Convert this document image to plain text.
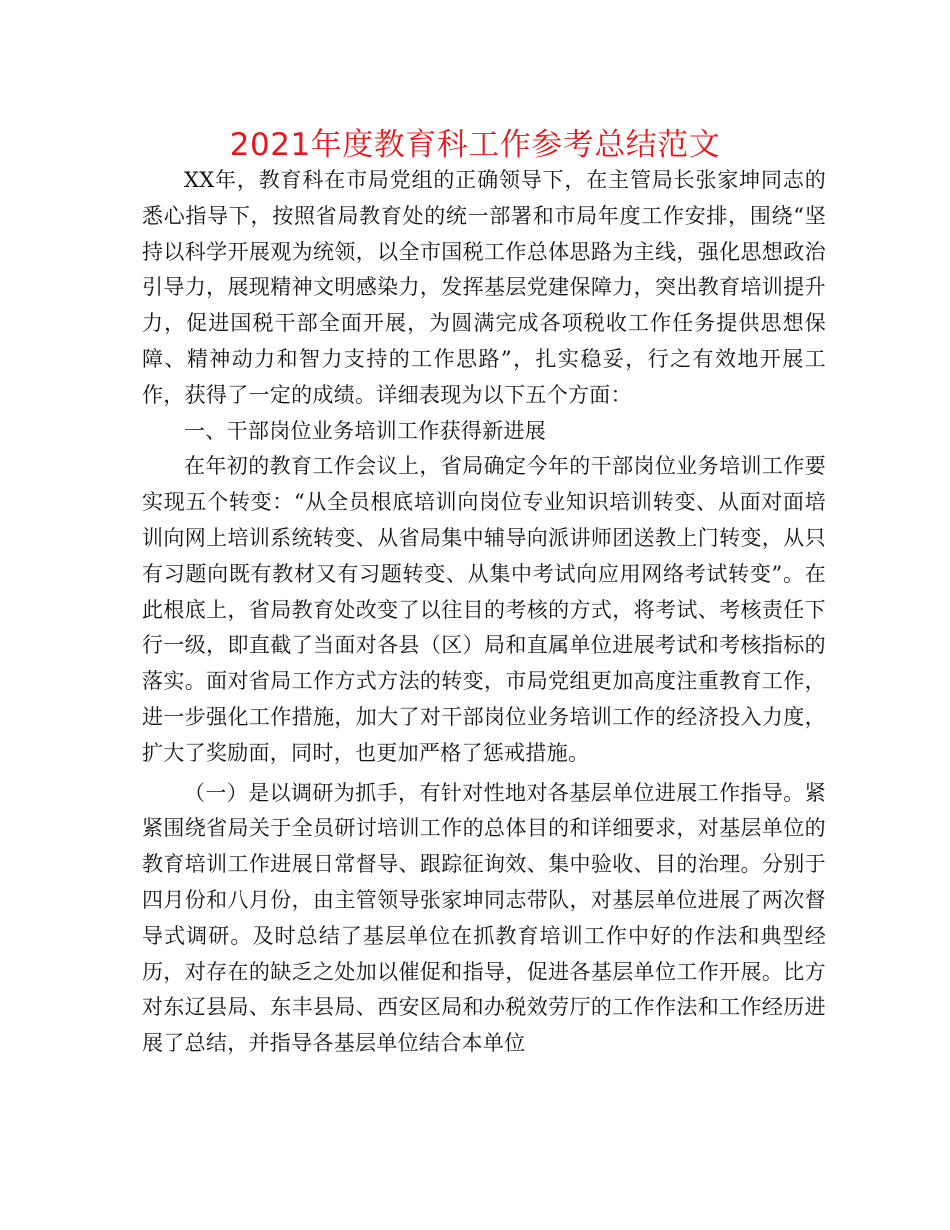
2021年度教育科工作参考总结范文

XX年，教育科在市局党组的正确领导下，在主管局长张家坤同志的悉心指导下，按照省局教育处的统一部署和市局年度工作安排，围绕“坚持以科学开展观为统领，以全市国税工作总体思路为主线，强化思想政治引导力，展现精神文明感染力，发挥基层党建保障力，突出教育培训提升力，促进国税干部全面开展，为圆满完成各项税收工作任务提供思想保障、精神动力和智力支持的工作思路”，扎实稳妥，行之有效地开展工作，获得了一定的成绩。详细表现为以下五个方面：

一、干部岗位业务培训工作获得新进展

在年初的教育工作会议上，省局确定今年的干部岗位业务培训工作要实现五个转变：“从全员根底培训向岗位专业知识培训转变、从面对面培训向网上培训系统转变、从省局集中辅导向派讲师团送教上门转变，从只有习题向既有教材又有习题转变、从集中考试向应用网络考试转变”。在此根底上，省局教育处改变了以往目的考核的方式，将考试、考核责任下行一级，即直截了当面对各县（区）局和直属单位进展考试和考核指标的落实。面对省局工作方式方法的转变，市局党组更加高度注重教育工作，进一步强化工作措施，加大了对干部岗位业务培训工作的经济投入力度，扩大了奖励面，同时，也更加严格了惩戒措施。

（一）是以调研为抓手，有针对性地对各基层单位进展工作指导。紧紧围绕省局关于全员研讨培训工作的总体目的和详细要求，对基层单位的教育培训工作进展日常督导、跟踪征询效、集中验收、目的治理。分别于四月份和八月份，由主管领导张家坤同志带队，对基层单位进展了两次督导式调研。及时总结了基层单位在抓教育培训工作中好的作法和典型经历，对存在的缺乏之处加以催促和指导，促进各基层单位工作开展。比方对东辽县局、东丰县局、西安区局和办税效劳厅的工作作法和工作经历进展了总结，并指导各基层单位结合本单位
